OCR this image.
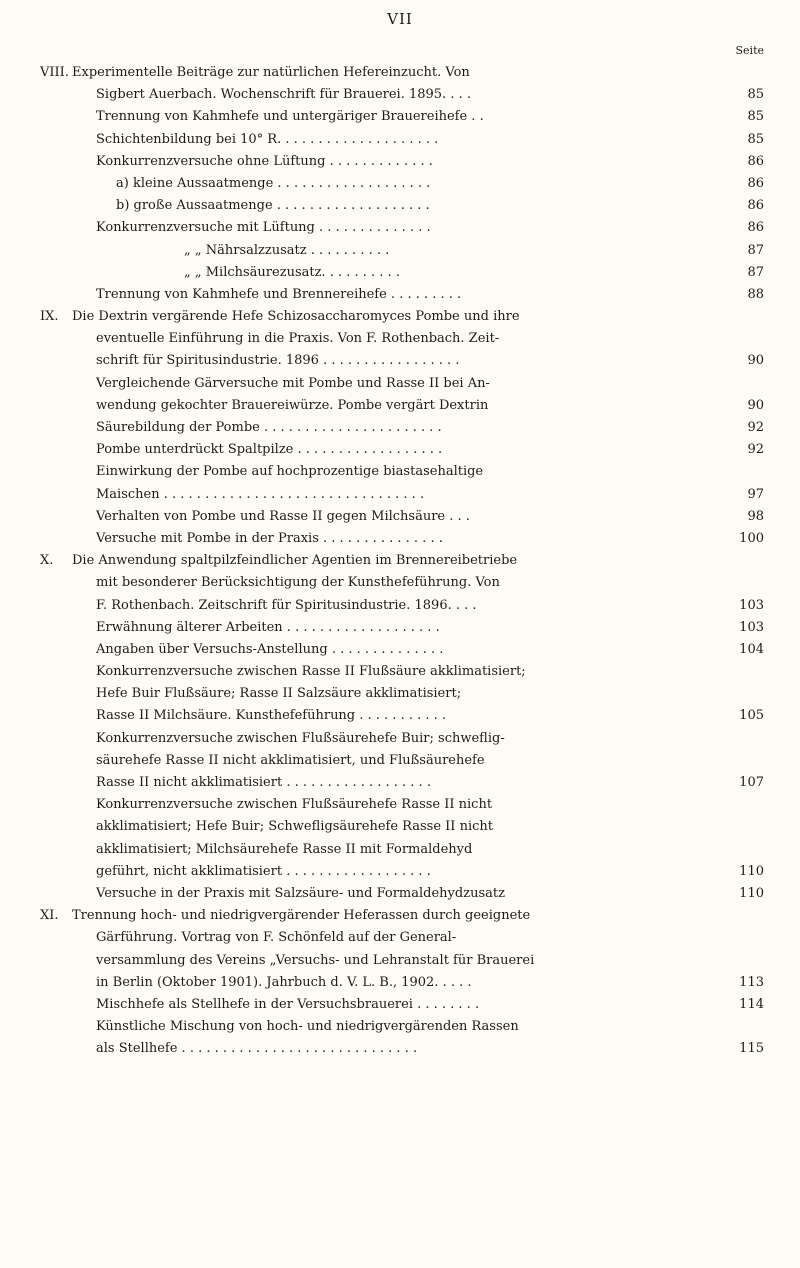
VII
Seite
VIII. Experimentelle Beiträge zur natürlichen Hefereinzucht. Von
Sigbert Auerbach. Wochenschrift für Brauerei. 1895. . . .	85
Trennung von Kahmhefe und untergäriger Brauereihefe . .	85
Schichtenbildung bei 10° R. . . . . . . . . . . . . . . . . . . .	85
Konkurrenzversuche ohne Lüftung . . . . . . . . . . . . .	86
a) kleine Aussaatmenge . . . . . . . . . . . . . . . . . . .	86
b) große Aussaatmenge . . . . . . . . . . . . . . . . . . .	86
Konkurrenzversuche mit Lüftung . . . . . . . . . . . . . .	86
„ „ Nährsalzzusatz . . . . . . . . . .	87
„ „ Milchsäurezusatz. . . . . . . . . .	87
Trennung von Kahmhefe und Brennereihefe . . . . . . . . .	88
IX. Die Dextrin vergärende Hefe Schizosaccharomyces Pombe und ihre
eventuelle Einführung in die Praxis. Von F. Rothenbach. Zeit-
schrift für Spiritusindustrie. 1896 . . . . . . . . . . . . . . . . .	90
Vergleichende Gärversuche mit Pombe und Rasse II bei An-
wendung gekochter Brauereiwürze. Pombe vergärt Dextrin	90
Säurebildung der Pombe . . . . . . . . . . . . . . . . . . . . . .	92
Pombe unterdrückt Spaltpilze . . . . . . . . . . . . . . . . . .	92
Einwirkung der Pombe auf hochprozentige biastasehaltige
Maischen . . . . . . . . . . . . . . . . . . . . . . . . . . . . . . . .	97
Verhalten von Pombe und Rasse II gegen Milchsäure . . .	98
Versuche mit Pombe in der Praxis . . . . . . . . . . . . . . .	100
X. Die Anwendung spaltpilzfeindlicher Agentien im Brennereibetriebe
mit besonderer Berücksichtigung der Kunsthefeführung. Von
F. Rothenbach. Zeitschrift für Spiritusindustrie. 1896. . . .	103
Erwähnung älterer Arbeiten . . . . . . . . . . . . . . . . . . .	103
Angaben über Versuchs-Anstellung . . . . . . . . . . . . . .	104
Konkurrenzversuche zwischen Rasse II Flußsäure akklimatisiert;
Hefe Buir Flußsäure; Rasse II Salzsäure akklimatisiert;
Rasse II Milchsäure. Kunsthefeführung . . . . . . . . . . .	105
Konkurrenzversuche zwischen Flußsäurehefe Buir; schweflig-
säurehefe Rasse II nicht akklimatisiert, und Flußsäurehefe
Rasse II nicht akklimatisiert . . . . . . . . . . . . . . . . . .	107
Konkurrenzversuche zwischen Flußsäurehefe Rasse II nicht
akklimatisiert; Hefe Buir; Schwefligsäurehefe Rasse II nicht
akklimatisiert; Milchsäurehefe Rasse II mit Formaldehyd
geführt, nicht akklimatisiert . . . . . . . . . . . . . . . . . .	110
Versuche in der Praxis mit Salzsäure- und Formaldehydzusatz	110
XI. Trennung hoch- und niedrigvergärender Heferassen durch geeignete
Gärführung. Vortrag von F. Schönfeld auf der General-
versammlung des Vereins „Versuchs- und Lehranstalt für Brauerei
in Berlin (Oktober 1901). Jahrbuch d. V. L. B., 1902. . . . .	113
Mischhefe als Stellhefe in der Versuchsbrauerei . . . . . . . .	114
Künstliche Mischung von hoch- und niedrigvergärenden Rassen
als Stellhefe . . . . . . . . . . . . . . . . . . . . . . . . . . . . .	115
